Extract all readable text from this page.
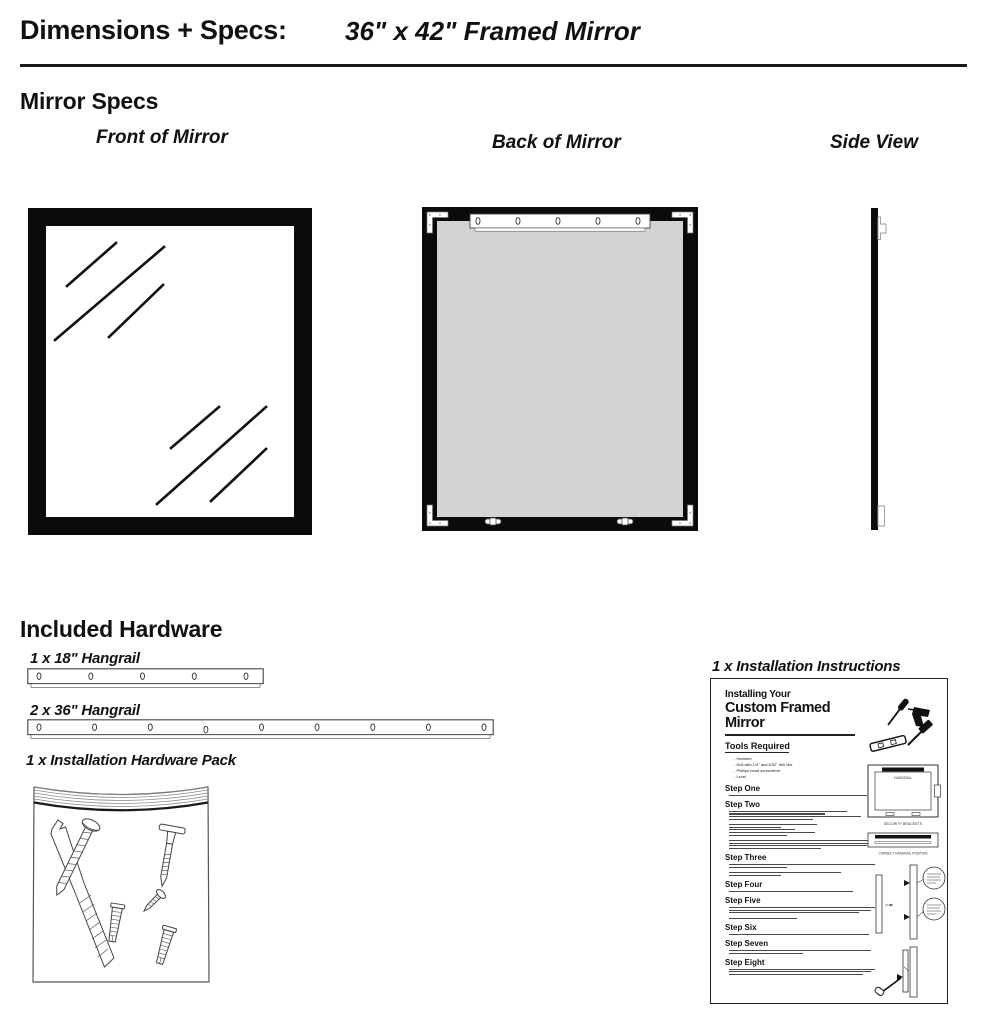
Dimensions + Specs: 36" x 42" Framed Mirror
Mirror Specs
Front of Mirror	Back of Mirror	Side View
Included Hardware
1 x 18" Hangrail
2 x 36" Hangrail
1 x Installation Hardware Pack
1 x Installation Instructions
Installing Your
Custom Framed Mirror
Tools Required
- Hammer
- Drill with 1/4" and 5/32" drill bits
- Phillips head screwdriver
- Level
Step One
Step Two
Step Three
Step Four
Step Five
Step Six
Step Seven
Step Eight
HANGRAIL
SECURITY BRACKETS
CORRECT HANGRAIL POSITION
